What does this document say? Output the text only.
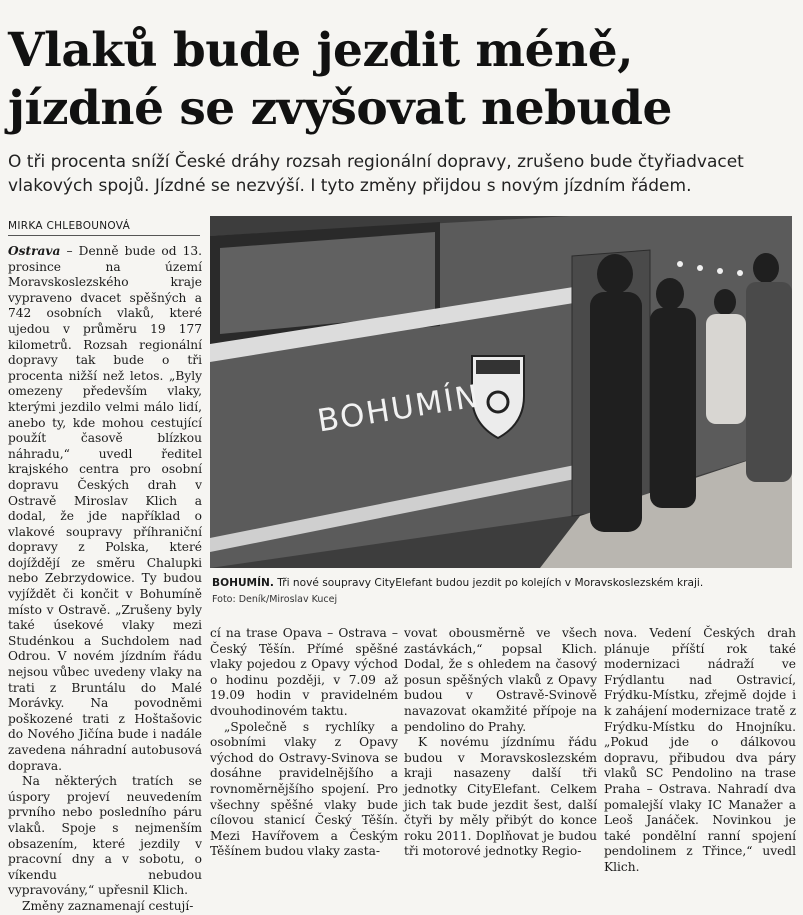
Vlaků bude jezdit méně,
jízdné se zvyšovat nebude
O tři procenta sníží České dráhy rozsah regionální dopravy, zrušeno bude čtyřiadvacet vlakových spojů. Jízdné se nezvýší. I tyto změny přijdou s novým jízdním řádem.
MIRKA CHLEBOUNOVÁ
BOHUMÍN
BOHUMÍN. Tři nové soupravy CityElefant budou jezdit po kolejích v Moravskoslezském kraji.
Foto: Deník/Miroslav Kucej

Ostrava – Denně bude od 13. prosince na území Moravskoslezského kraje vypraveno dvacet spěšných a 742 osobních vlaků, které ujedou v průměru 19 177 kilometrů. Rozsah regionální dopravy tak bude o tři procenta nižší než letos. „Byly omezeny především vlaky, kterými jezdilo velmi málo lidí, anebo ty, kde mohou cestující použít časově blízkou náhradu,“ uvedl ředitel krajského centra pro osobní dopravu Českých drah v Ostravě Miroslav Klich a dodal, že jde například o vlakové soupravy příhraniční dopravy z Polska, které dojíždějí ze směru Chalupki nebo Zebrzydowice. Ty budou vyjíždět či končit v Bohumíně místo v Ostravě. „Zrušeny byly také úsekové vlaky mezi Studénkou a Suchdolem nad Odrou. V novém jízdním řádu nejsou vůbec uvedeny vlaky na trati z Bruntálu do Malé Morávky. Na povodněmi poškozené trati z Hoštašovic do Nového Jičína bude i nadále zavedena náhradní autobusová doprava.

Na některých tratích se úspory projeví neuvedením prvního nebo posledního páru vlaků. Spoje s nejmenším obsazením, které jezdily v pracovní dny a v sobotu, o víkendu nebudou vypravovány,“ upřesnil Klich.

Změny zaznamenají cestují-

cí na trase Opava – Ostrava – Český Těšín. Přímé spěšné vlaky pojedou z Opavy východ o hodinu později, v 7.09 až 19.09 hodin v pravidelném dvouhodinovém taktu.

„Společně s rychlíky a osobními vlaky z Opavy východ do Ostravy-Svinova se dosáhne pravidelnějšího a rovnoměrnějšího spojení. Pro všechny spěšné vlaky bude cílovou stanicí Český Těšín. Mezi Havířovem a Českým Těšínem budou vlaky zasta-

vovat obousměrně ve všech zastávkách,“ popsal Klich. Dodal, že s ohledem na časový posun spěšných vlaků z Opavy budou v Ostravě-Svinově navazovat okamžité přípoje na pendolino do Prahy.

K novému jízdnímu řádu budou v Moravskoslezském kraji nasazeny další tři jednotky CityElefant. Celkem jich tak bude jezdit šest, další čtyři by měly přibýt do konce roku 2011. Doplňovat je budou tři motorové jednotky Regio-

nova. Vedení Českých drah plánuje příští rok také modernizaci nádraží ve Frýdlantu nad Ostravicí, Frýdku-Místku, zřejmě dojde i k zahájení modernizace tratě z Frýdku-Místku do Hnojníku. „Pokud jde o dálkovou dopravu, přibudou dva páry vlaků SC Pendolino na trase Praha – Ostrava. Nahradí dva pomalejší vlaky IC Manažer a Leoš Janáček. Novinkou je také pondělní ranní spojení pendolinem z Třince,“ uvedl Klich.
